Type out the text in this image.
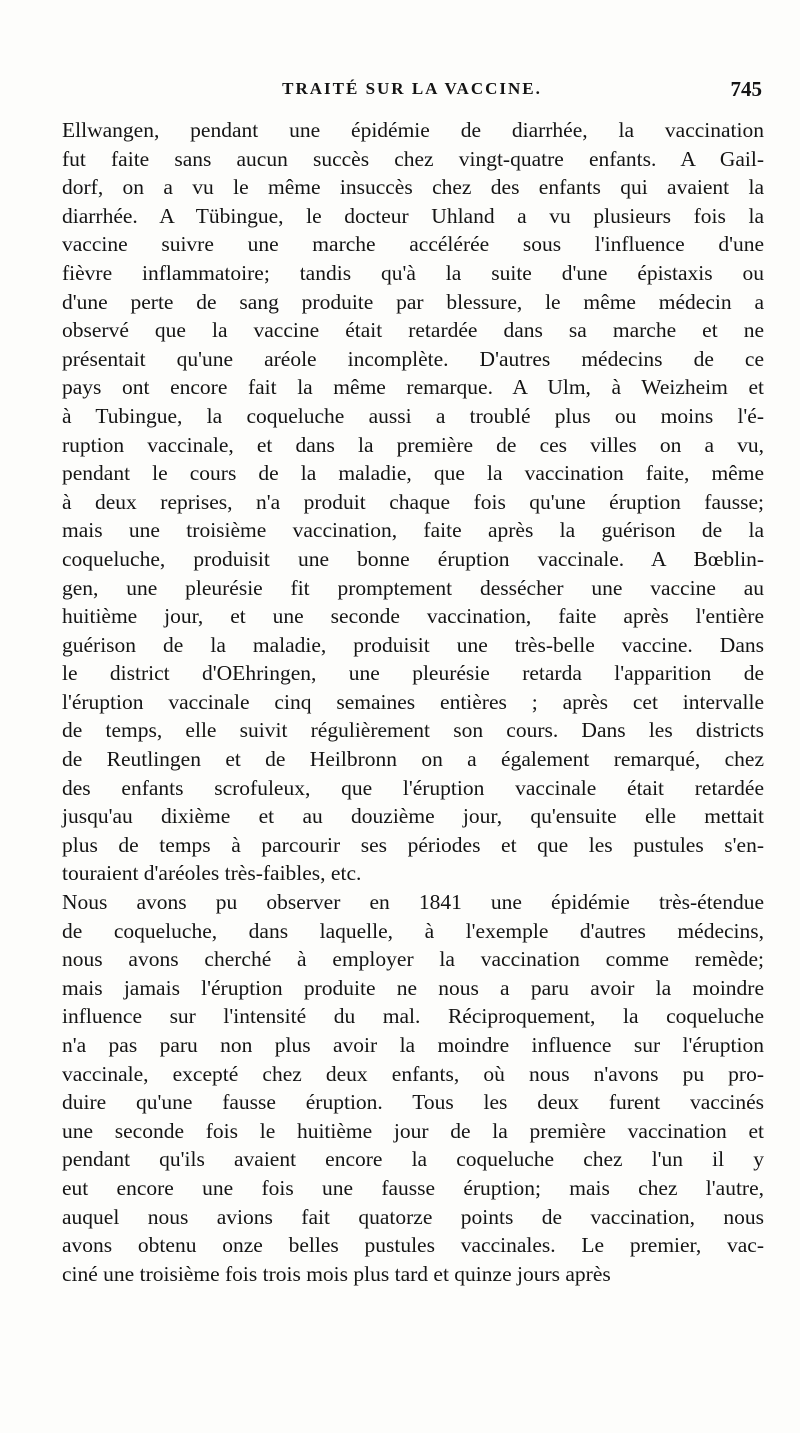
TRAITÉ SUR LA VACCINE.	745
Ellwangen, pendant une épidémie de diarrhée, la vaccination
fut faite sans aucun succès chez vingt-quatre enfants. A Gail-
dorf, on a vu le même insuccès chez des enfants qui avaient la
diarrhée. A Tübingue, le docteur Uhland a vu plusieurs fois la
vaccine suivre une marche accélérée sous l'influence d'une
fièvre inflammatoire; tandis qu'à la suite d'une épistaxis ou
d'une perte de sang produite par blessure, le même médecin a
observé que la vaccine était retardée dans sa marche et ne
présentait qu'une aréole incomplète. D'autres médecins de ce
pays ont encore fait la même remarque. A Ulm, à Weizheim et
à Tubingue, la coqueluche aussi a troublé plus ou moins l'é-
ruption vaccinale, et dans la première de ces villes on a vu,
pendant le cours de la maladie, que la vaccination faite, même
à deux reprises, n'a produit chaque fois qu'une éruption fausse;
mais une troisième vaccination, faite après la guérison de la
coqueluche, produisit une bonne éruption vaccinale. A Bœblin-
gen, une pleurésie fit promptement dessécher une vaccine au
huitième jour, et une seconde vaccination, faite après l'entière
guérison de la maladie, produisit une très-belle vaccine. Dans
le district d'OEhringen, une pleurésie retarda l'apparition de
l'éruption vaccinale cinq semaines entières ; après cet intervalle
de temps, elle suivit régulièrement son cours. Dans les districts
de Reutlingen et de Heilbronn on a également remarqué, chez
des enfants scrofuleux, que l'éruption vaccinale était retardée
jusqu'au dixième et au douzième jour, qu'ensuite elle mettait
plus de temps à parcourir ses périodes et que les pustules s'en-
touraient d'aréoles très-faibles, etc.
Nous avons pu observer en 1841 une épidémie très-étendue
de coqueluche, dans laquelle, à l'exemple d'autres médecins,
nous avons cherché à employer la vaccination comme remède;
mais jamais l'éruption produite ne nous a paru avoir la moindre
influence sur l'intensité du mal. Réciproquement, la coqueluche
n'a pas paru non plus avoir la moindre influence sur l'éruption
vaccinale, excepté chez deux enfants, où nous n'avons pu pro-
duire qu'une fausse éruption. Tous les deux furent vaccinés
une seconde fois le huitième jour de la première vaccination et
pendant qu'ils avaient encore la coqueluche chez l'un il y
eut encore une fois une fausse éruption; mais chez l'autre,
auquel nous avions fait quatorze points de vaccination, nous
avons obtenu onze belles pustules vaccinales. Le premier, vac-
ciné une troisième fois trois mois plus tard et quinze jours après
